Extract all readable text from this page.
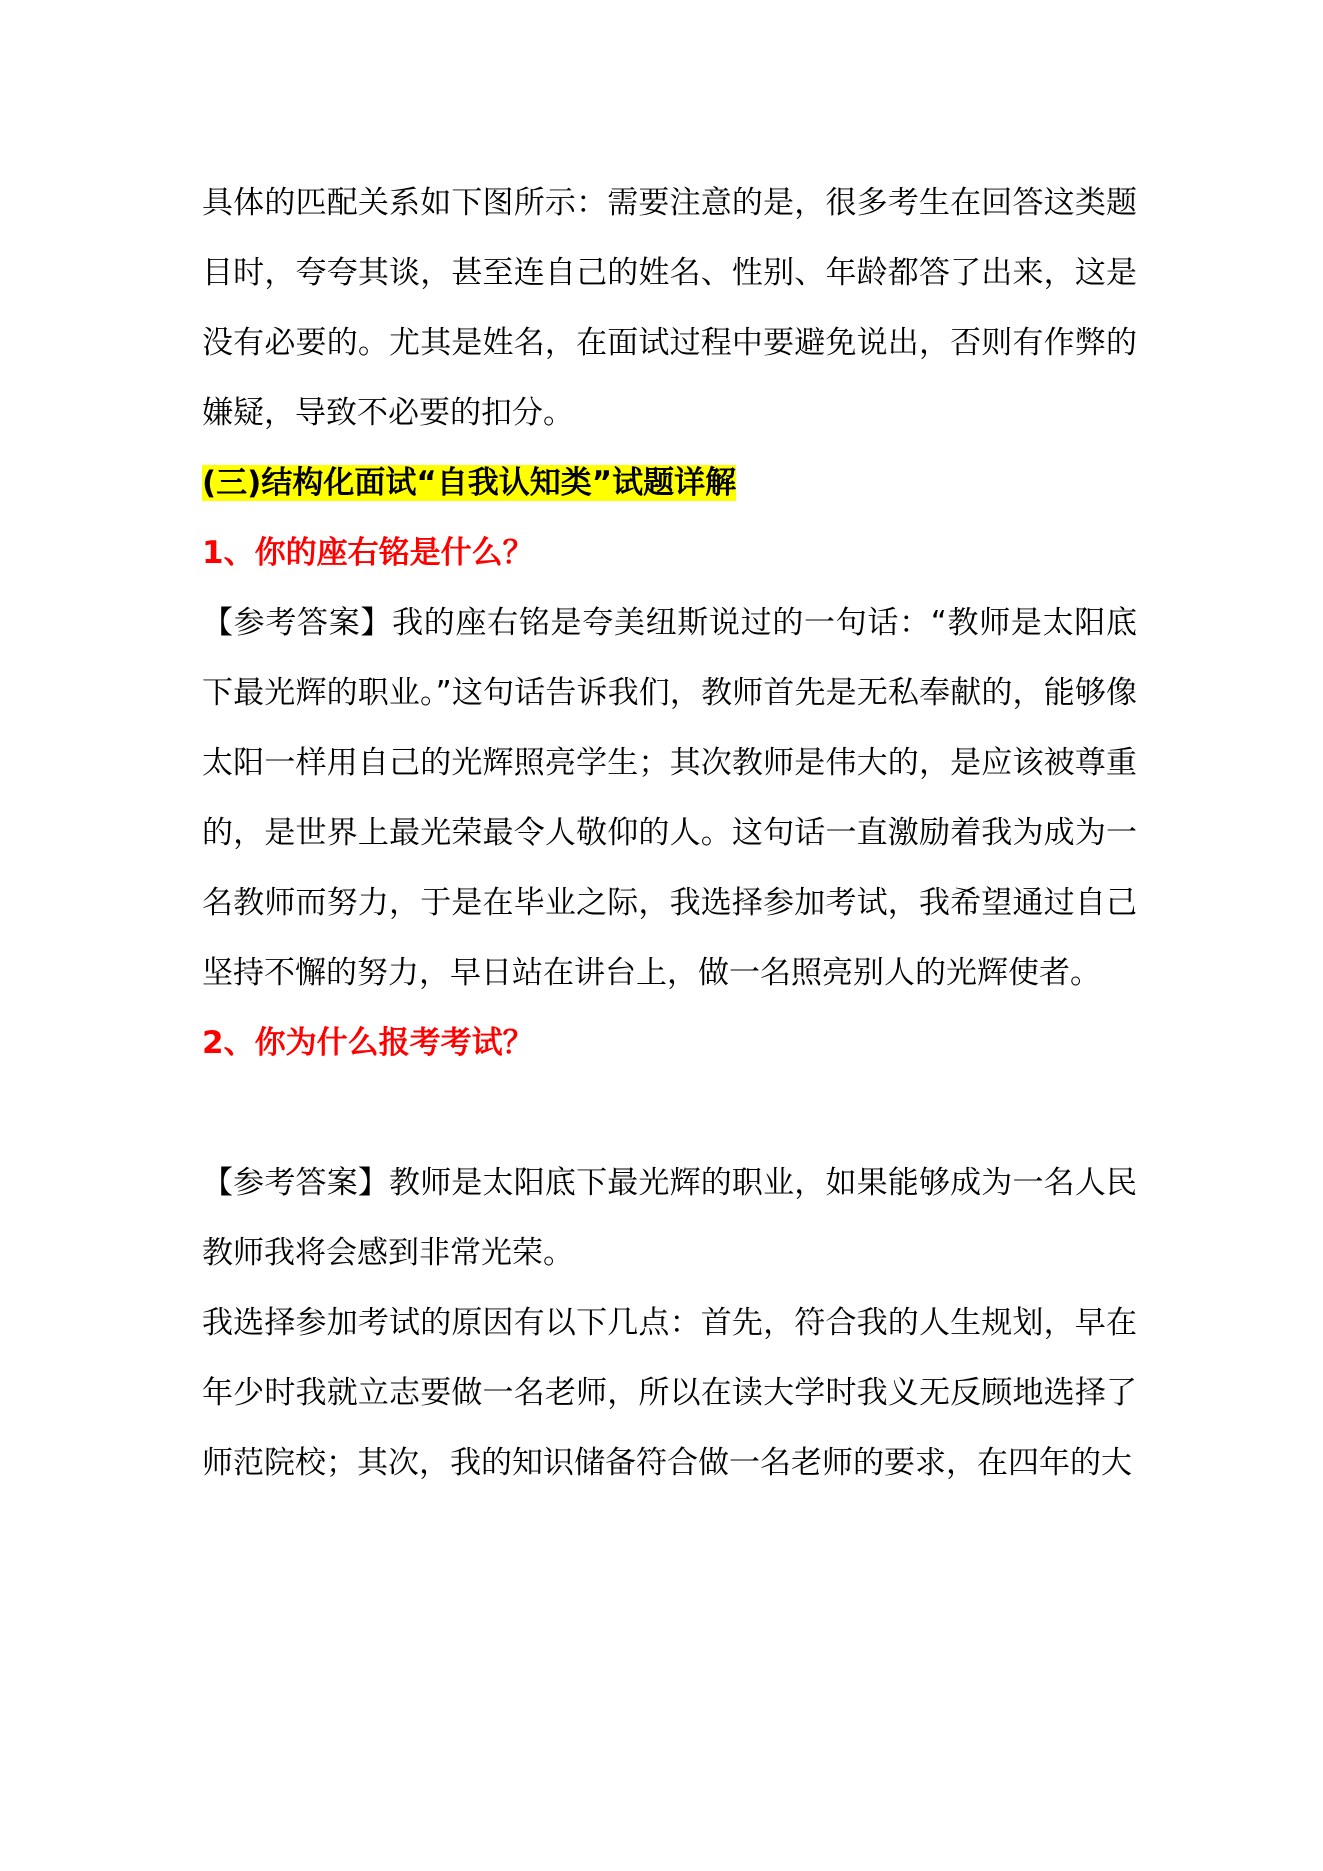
具体的匹配关系如下图所示：需要注意的是，很多考生在回答这类题目时，夸夸其谈，甚至连自己的姓名、性别、年龄都答了出来，这是没有必要的。尤其是姓名，在面试过程中要避免说出，否则有作弊的嫌疑，导致不必要的扣分。

(三)结构化面试“自我认知类”试题详解

1、你的座右铭是什么？

【参考答案】我的座右铭是夸美纽斯说过的一句话：“教师是太阳底下最光辉的职业。”这句话告诉我们，教师首先是无私奉献的，能够像太阳一样用自己的光辉照亮学生；其次教师是伟大的，是应该被尊重的，是世界上最光荣最令人敬仰的人。这句话一直激励着我为成为一名教师而努力，于是在毕业之际，我选择参加考试，我希望通过自己坚持不懈的努力，早日站在讲台上，做一名照亮别人的光辉使者。

2、你为什么报考考试？

【参考答案】教师是太阳底下最光辉的职业，如果能够成为一名人民教师我将会感到非常光荣。

我选择参加考试的原因有以下几点：首先，符合我的人生规划，早在年少时我就立志要做一名老师，所以在读大学时我义无反顾地选择了师范院校；其次，我的知识储备符合做一名老师的要求，在四年的大
